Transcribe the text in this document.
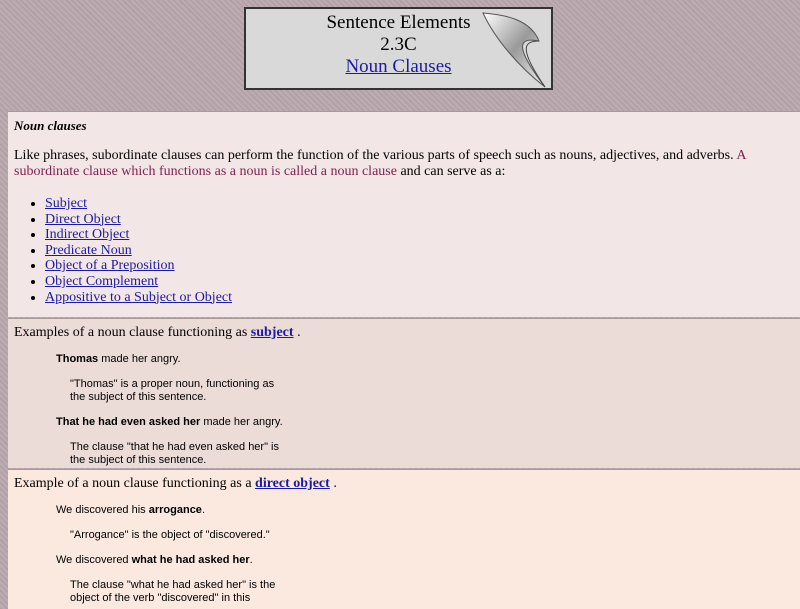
Sentence Elements
2.3C
Noun Clauses

Noun clauses

Like phrases, subordinate clauses can perform the function of the various parts of speech such as nouns, adjectives, and adverbs. A subordinate clause which functions as a noun is called a noun clause and can serve as a:

• Subject
• Direct Object
• Indirect Object
• Predicate Noun
• Object of a Preposition
• Object Complement
• Appositive to a Subject or Object

Examples of a noun clause functioning as subject .

Thomas made her angry.

"Thomas" is a proper noun, functioning as the subject of this sentence.

That he had even asked her made her angry.

The clause "that he had even asked her" is the subject of this sentence.

Example of a noun clause functioning as a direct object .

We discovered his arrogance.

"Arrogance" is the object of "discovered."

We discovered what he had asked her.

The clause "what he had asked her" is the object of the verb "discovered" in this
